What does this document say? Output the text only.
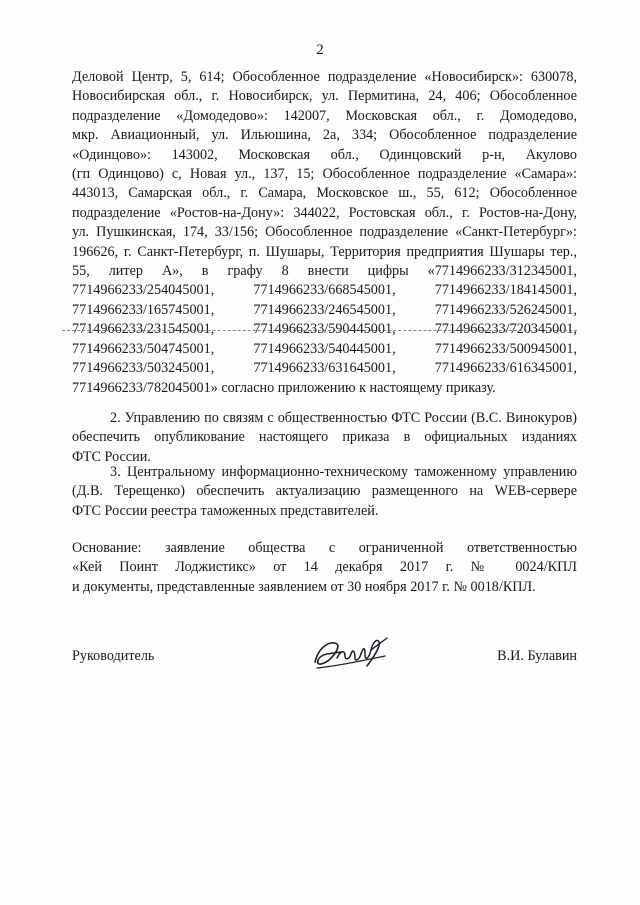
2
Деловой Центр, 5, 614; Обособленное подразделение «Новосибирск»: 630078,
Новосибирская обл., г. Новосибирск, ул. Пермитина, 24, 406; Обособленное
подразделение «Домодедово»: 142007, Московская обл., г. Домодедово,
мкр. Авиационный, ул. Ильюшина, 2а, 334; Обособленное подразделение
«Одинцово»: 143002, Московская обл., Одинцовский р-н, Акулово
(гп Одинцово) с, Новая ул., 137, 15; Обособленное подразделение «Самара»:
443013, Самарская обл., г. Самара, Московское ш., 55, 612; Обособленное
подразделение «Ростов-на-Дону»: 344022, Ростовская обл., г. Ростов-на-Дону,
ул. Пушкинская, 174, 33/156; Обособленное подразделение «Санкт-Петербург»:
196626, г. Санкт-Петербург, п. Шушары, Территория предприятия Шушары тер.,
55, литер А», в графу 8 внести цифры «7714966233/312345001,
7714966233/254045001, 7714966233/668545001, 7714966233/184145001,
7714966233/165745001, 7714966233/246545001, 7714966233/526245001,
7714966233/231545001, 7714966233/590445001, 7714966233/720345001,
7714966233/504745001, 7714966233/540445001, 7714966233/500945001,
7714966233/503245001, 7714966233/631645001, 7714966233/616345001,
7714966233/782045001» согласно приложению к настоящему приказу.
2. Управлению по связям с общественностью ФТС России (В.С. Винокуров)
обеспечить опубликование настоящего приказа в официальных изданиях
ФТС России.
3. Центральному информационно-техническому таможенному управлению
(Д.В. Терещенко) обеспечить актуализацию размещенного на WEB-сервере
ФТС России реестра таможенных представителей.
Основание: заявление общества с ограниченной ответственностью
«Кей Поинт Лоджистикс» от 14 декабря 2017 г. № 0024/КПЛ
и документы, представленные заявлением от 30 ноября 2017 г. № 0018/КПЛ.
Руководитель	В.И. Булавин
